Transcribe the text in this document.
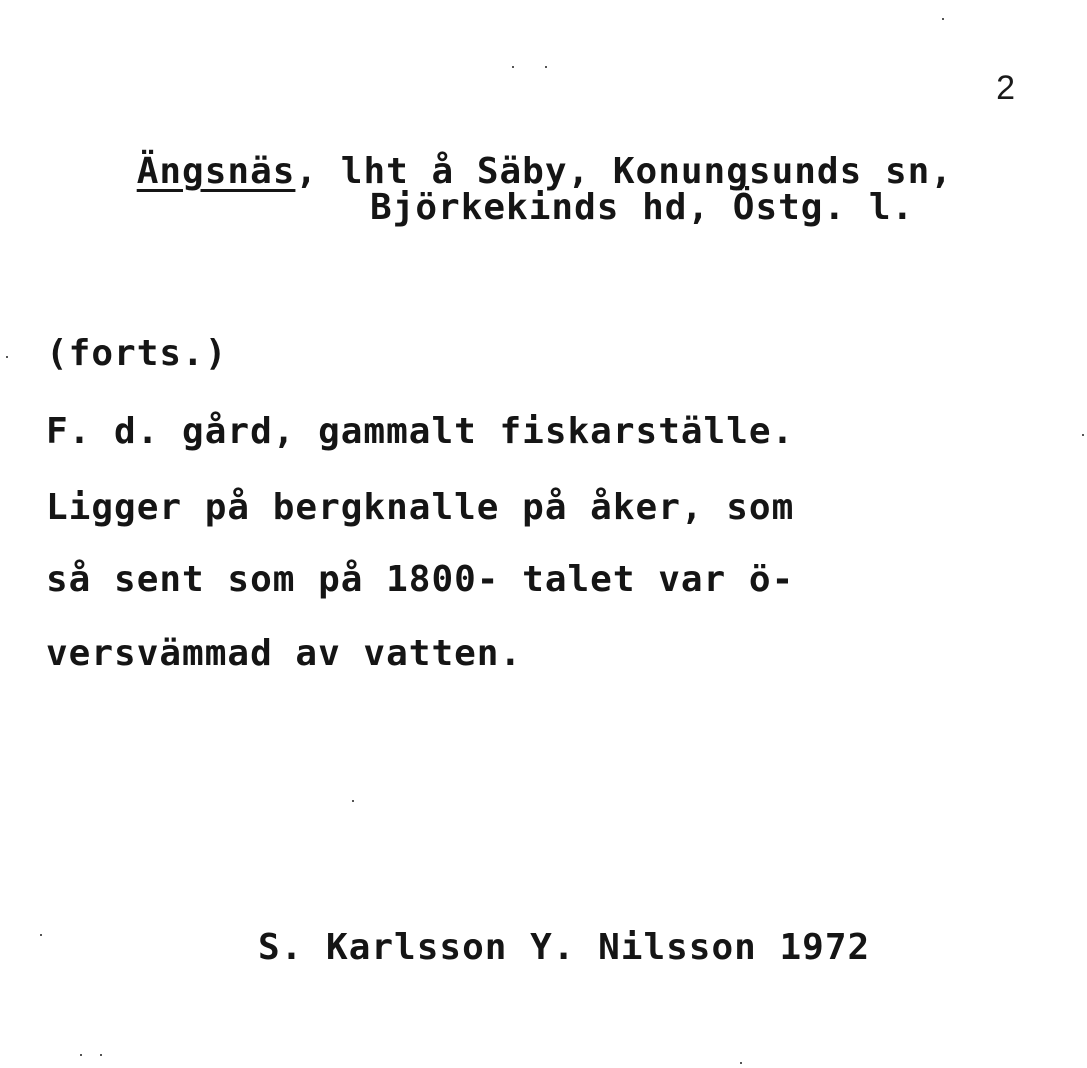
2

Ängsnäs, lht å Säby, Konungsunds sn,

Björkekinds hd, Östg. l.
(forts.)
F. d. gård, gammalt fiskarställe.
Ligger på bergknalle på åker, som
så sent som på 1800- talet var ö-
versvämmad av vatten.
S. Karlsson Y. Nilsson 1972
